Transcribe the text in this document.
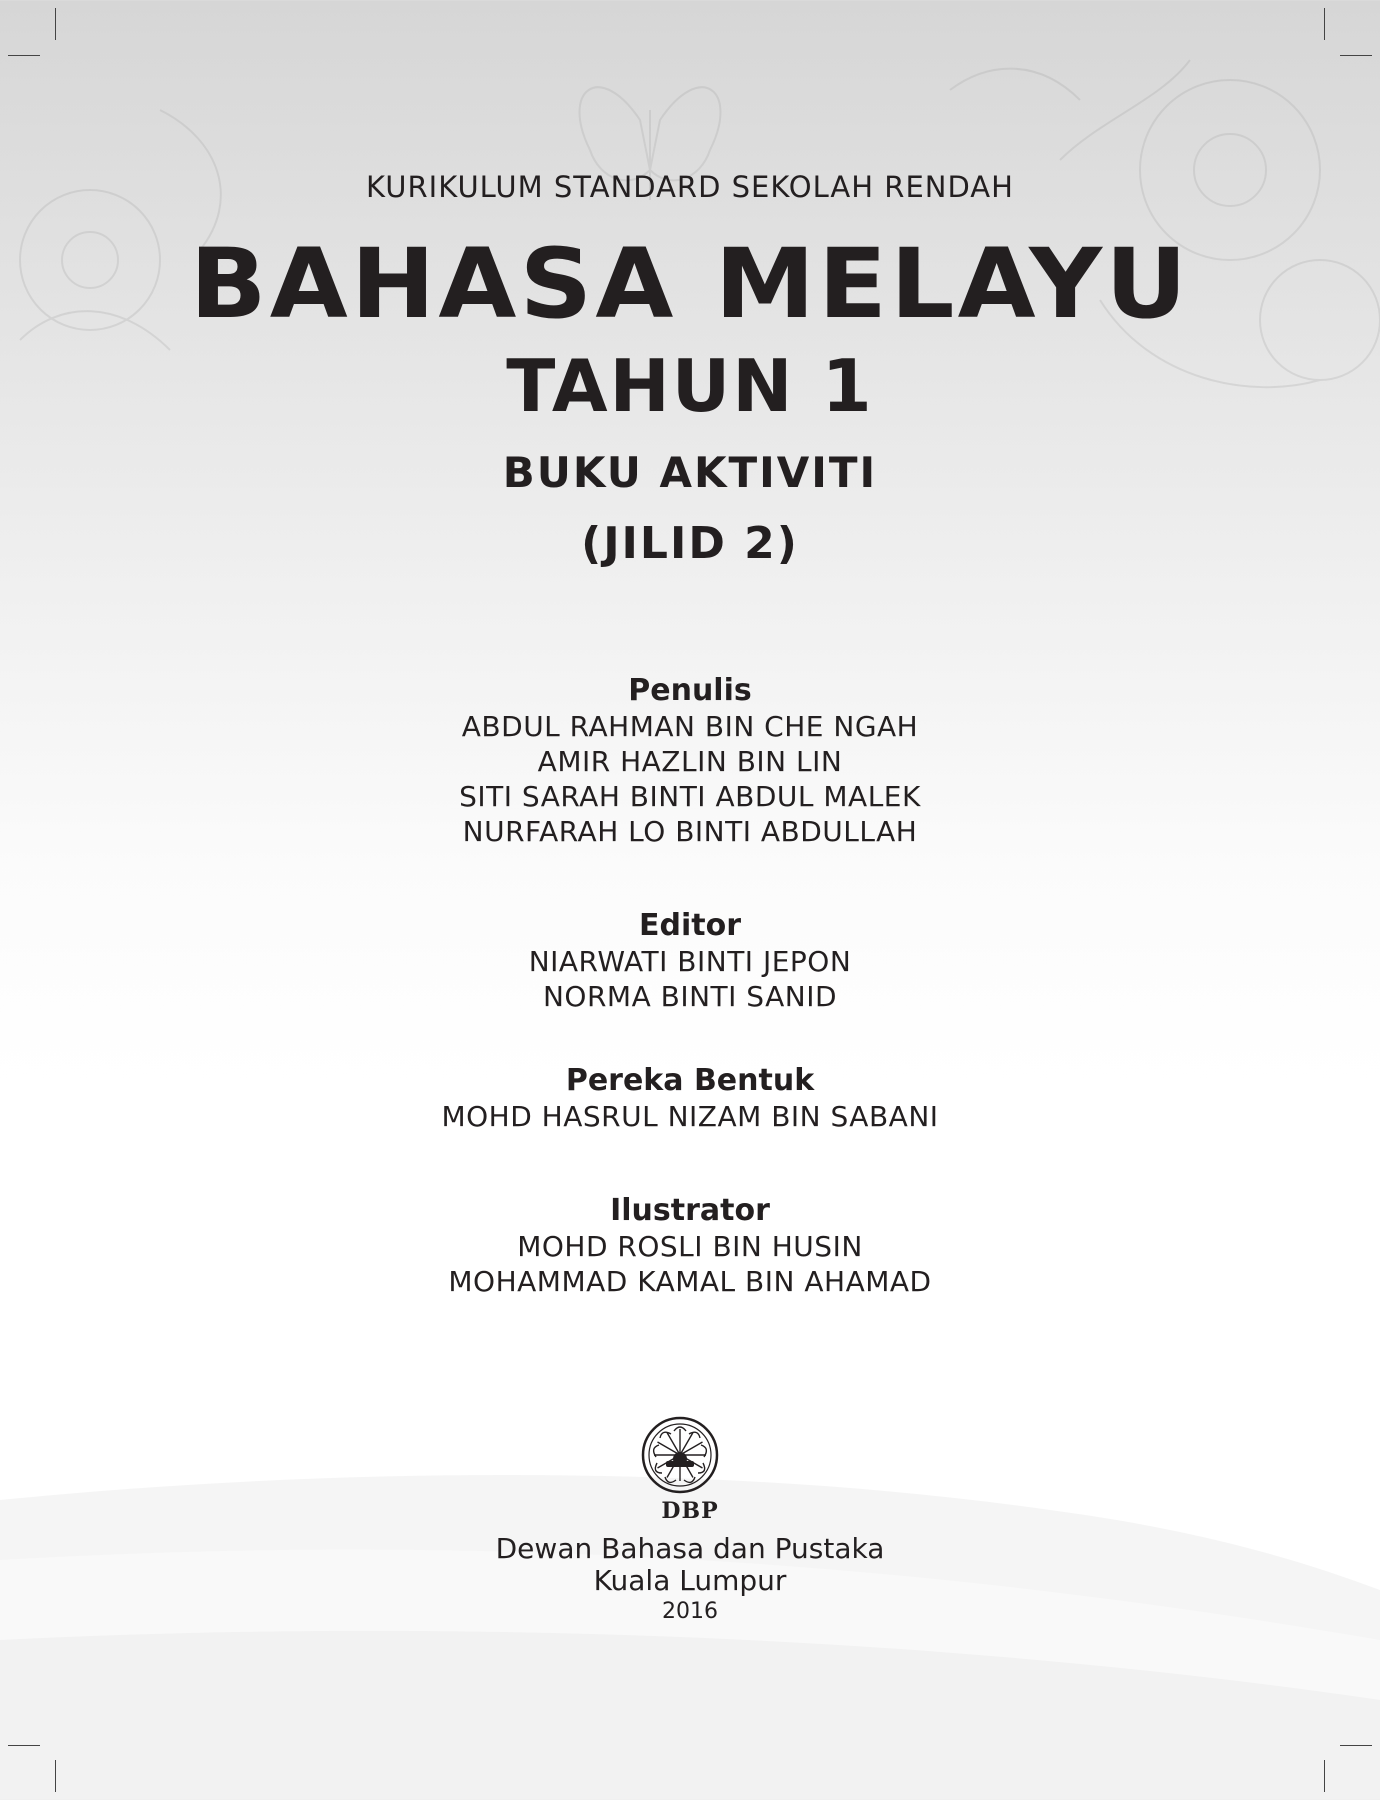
KURIKULUM STANDARD SEKOLAH RENDAH
BAHASA MELAYU
TAHUN 1
BUKU AKTIVITI
(JILID 2)
Penulis
ABDUL RAHMAN BIN CHE NGAH
AMIR HAZLIN BIN LIN
SITI SARAH BINTI ABDUL MALEK
NURFARAH LO BINTI ABDULLAH
Editor
NIARWATI BINTI JEPON
NORMA BINTI SANID
Pereka Bentuk
MOHD HASRUL NIZAM BIN SABANI
Ilustrator
MOHD ROSLI BIN HUSIN
MOHAMMAD KAMAL BIN AHAMAD
DBP
Dewan Bahasa dan Pustaka
Kuala Lumpur
2016
